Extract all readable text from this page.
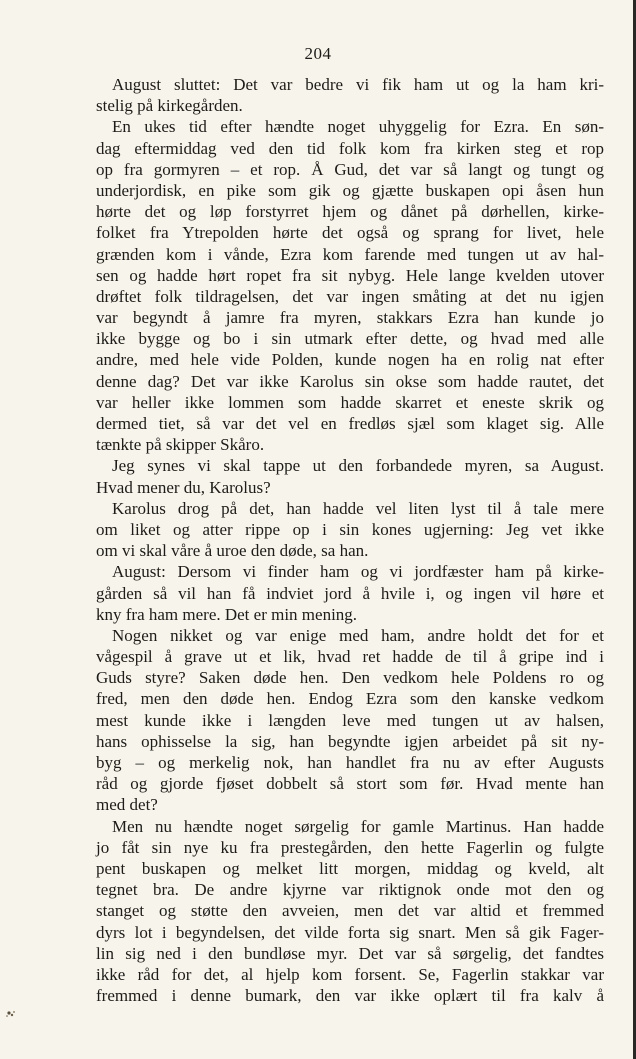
204
August sluttet: Det var bedre vi fik ham ut og la ham kri-
stelig på kirkegården.
En ukes tid efter hændte noget uhyggelig for Ezra. En søn-
dag eftermiddag ved den tid folk kom fra kirken steg et rop
op fra gormyren – et rop. Å Gud, det var så langt og tungt og
underjordisk, en pike som gik og gjætte buskapen opi åsen hun
hørte det og løp forstyrret hjem og dånet på dørhellen, kirke-
folket fra Ytrepolden hørte det også og sprang for livet, hele
grænden kom i vånde, Ezra kom farende med tungen ut av hal-
sen og hadde hørt ropet fra sit nybyg. Hele lange kvelden utover
drøftet folk tildragelsen, det var ingen småting at det nu igjen
var begyndt å jamre fra myren, stakkars Ezra han kunde jo
ikke bygge og bo i sin utmark efter dette, og hvad med alle
andre, med hele vide Polden, kunde nogen ha en rolig nat efter
denne dag? Det var ikke Karolus sin okse som hadde rautet, det
var heller ikke lommen som hadde skarret et eneste skrik og
dermed tiet, så var det vel en fredløs sjæl som klaget sig. Alle
tænkte på skipper Skåro.
Jeg synes vi skal tappe ut den forbandede myren, sa August.
Hvad mener du, Karolus?
Karolus drog på det, han hadde vel liten lyst til å tale mere
om liket og atter rippe op i sin kones ugjerning: Jeg vet ikke
om vi skal våre å uroe den døde, sa han.
August: Dersom vi finder ham og vi jordfæster ham på kirke-
gården så vil han få indviet jord å hvile i, og ingen vil høre et
kny fra ham mere. Det er min mening.
Nogen nikket og var enige med ham, andre holdt det for et
vågespil å grave ut et lik, hvad ret hadde de til å gripe ind i
Guds styre? Saken døde hen. Den vedkom hele Poldens ro og
fred, men den døde hen. Endog Ezra som den kanske vedkom
mest kunde ikke i længden leve med tungen ut av halsen,
hans ophisselse la sig, han begyndte igjen arbeidet på sit ny-
byg – og merkelig nok, han handlet fra nu av efter Augusts
råd og gjorde fjøset dobbelt så stort som før. Hvad mente han
med det?
Men nu hændte noget sørgelig for gamle Martinus. Han hadde
jo fåt sin nye ku fra prestegården, den hette Fagerlin og fulgte
pent buskapen og melket litt morgen, middag og kveld, alt
tegnet bra. De andre kjyrne var riktignok onde mot den og
stanget og støtte den avveien, men det var altid et fremmed
dyrs lot i begyndelsen, det vilde forta sig snart. Men så gik Fager-
lin sig ned i den bundløse myr. Det var så sørgelig, det fandtes
ikke råd for det, al hjelp kom forsent. Se, Fagerlin stakkar var
fremmed i denne bumark, den var ikke oplært til fra kalv å
